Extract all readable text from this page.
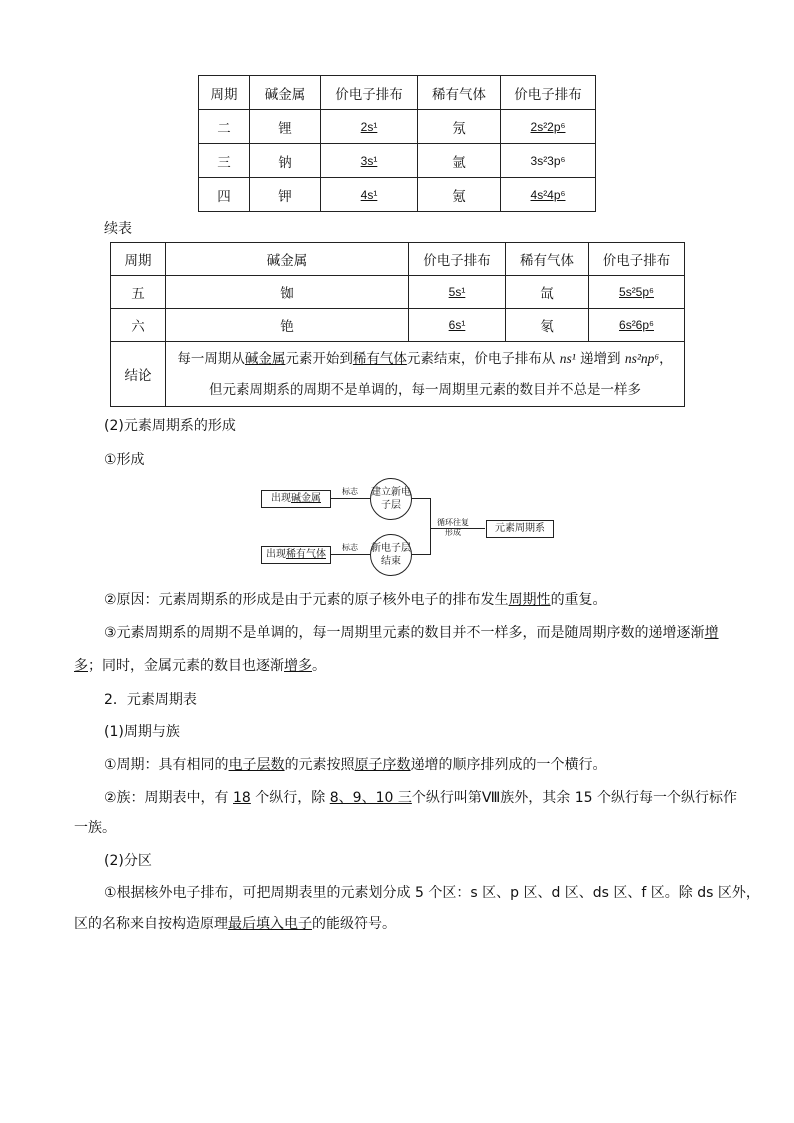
周期	碱金属	价电子排布	稀有气体	价电子排布
二	锂	2s¹	氖	2s²2p⁶
三	钠	3s¹	氩	3s²3p⁶
四	钾	4s¹	氪	4s²4p⁶
续表
周期	碱金属	价电子排布	稀有气体	价电子排布
五	铷	5s¹	氙	5s²5p⁶
六	铯	6s¹	氡	6s²6p⁶
结论	每一周期从碱金属元素开始到稀有气体元素结束，价电子排布从 ns¹ 递增到 ns²np⁶，
但元素周期系的周期不是单调的，每一周期里元素的数目并不总是一样多			
(2)元素周期系的形成
①形成
出现碱金属
出现稀有气体
标志
标志
建立新电子层
新电子层结束
循环往复形成	元素周期系
②原因：元素周期系的形成是由于元素的原子核外电子的排布发生周期性的重复。
③元素周期系的周期不是单调的，每一周期里元素的数目并不一样多，而是随周期序数的递增逐渐增
多；同时，金属元素的数目也逐渐增多。
2．元素周期表
(1)周期与族
①周期：具有相同的电子层数的元素按照原子序数递增的顺序排列成的一个横行。
②族：周期表中，有 18 个纵行，除 8、9、10 三个纵行叫第Ⅷ族外，其余 15 个纵行每一个纵行标作
一族。
(2)分区
①根据核外电子排布，可把周期表里的元素划分成 5 个区：s 区、p 区、d 区、ds 区、f 区。除 ds 区外，
区的名称来自按构造原理最后填入电子的能级符号。
